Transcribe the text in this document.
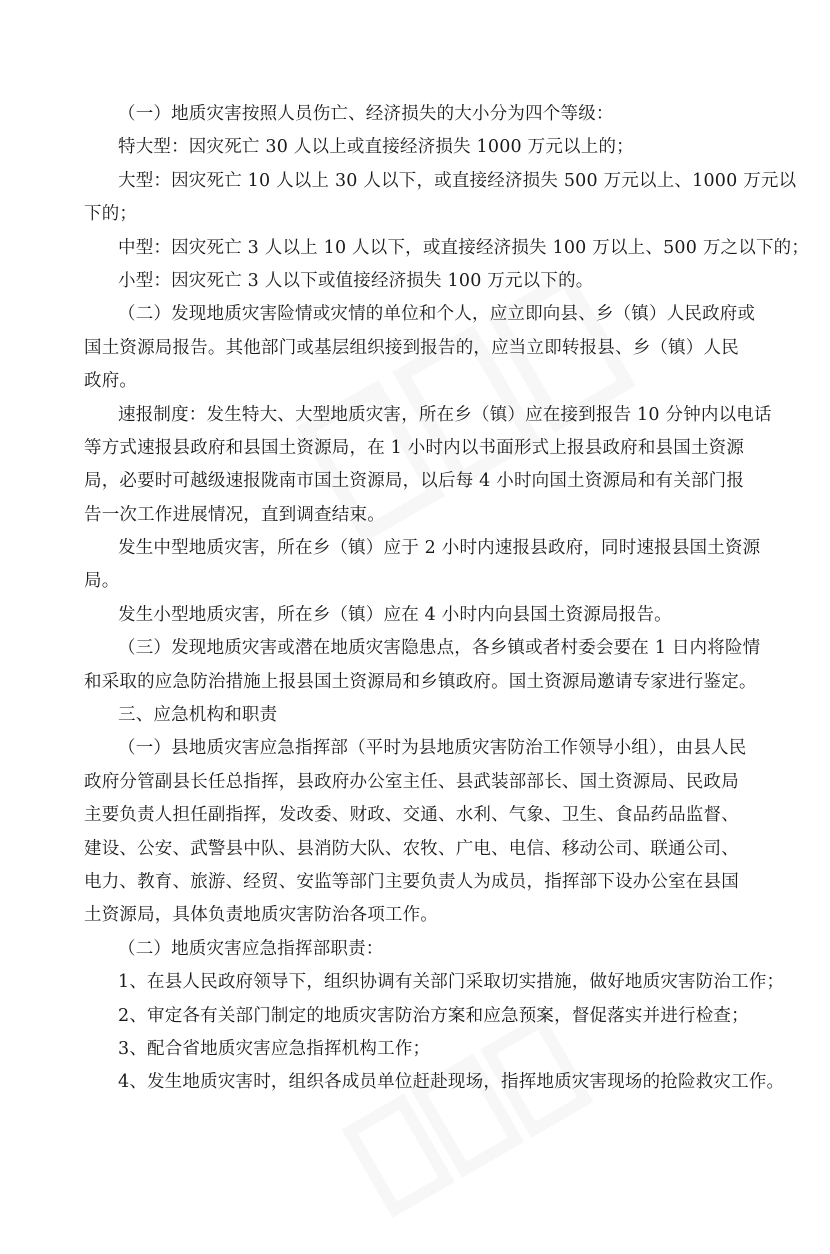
（一）地质灾害按照人员伤亡、经济损失的大小分为四个等级：
特大型：因灾死亡 30 人以上或直接经济损失 1000 万元以上的；
大型：因灾死亡 10 人以上 30 人以下，或直接经济损失 500 万元以上、1000 万元以
下的；
中型：因灾死亡 3 人以上 10 人以下，或直接经济损失 100 万以上、500 万之以下的；
小型：因灾死亡 3 人以下或值接经济损失 100 万元以下的。
（二）发现地质灾害险情或灾情的单位和个人，应立即向县、乡（镇）人民政府或
国土资源局报告。其他部门或基层组织接到报告的，应当立即转报县、乡（镇）人民
政府。
速报制度：发生特大、大型地质灾害，所在乡（镇）应在接到报告 10 分钟内以电话
等方式速报县政府和县国土资源局，在 1 小时内以书面形式上报县政府和县国土资源
局，必要时可越级速报陇南市国土资源局，以后每 4 小时向国土资源局和有关部门报
告一次工作进展情况，直到调查结束。
发生中型地质灾害，所在乡（镇）应于 2 小时内速报县政府，同时速报县国土资源
局。
发生小型地质灾害，所在乡（镇）应在 4 小时内向县国土资源局报告。
（三）发现地质灾害或潜在地质灾害隐患点，各乡镇或者村委会要在 1 日内将险情
和采取的应急防治措施上报县国土资源局和乡镇政府。国土资源局邀请专家进行鉴定。
三、应急机构和职责
（一）县地质灾害应急指挥部（平时为县地质灾害防治工作领导小组），由县人民
政府分管副县长任总指挥，县政府办公室主任、县武装部部长、国土资源局、民政局
主要负责人担任副指挥，发改委、财政、交通、水利、气象、卫生、食品药品监督、
建设、公安、武警县中队、县消防大队、农牧、广电、电信、移动公司、联通公司、
电力、教育、旅游、经贸、安监等部门主要负责人为成员，指挥部下设办公室在县国
土资源局，具体负责地质灾害防治各项工作。
（二）地质灾害应急指挥部职责：
1、在县人民政府领导下，组织协调有关部门采取切实措施，做好地质灾害防治工作；
2、审定各有关部门制定的地质灾害防治方案和应急预案，督促落实并进行检查；
3、配合省地质灾害应急指挥机构工作；
4、发生地质灾害时，组织各成员单位赶赴现场，指挥地质灾害现场的抢险救灾工作。
